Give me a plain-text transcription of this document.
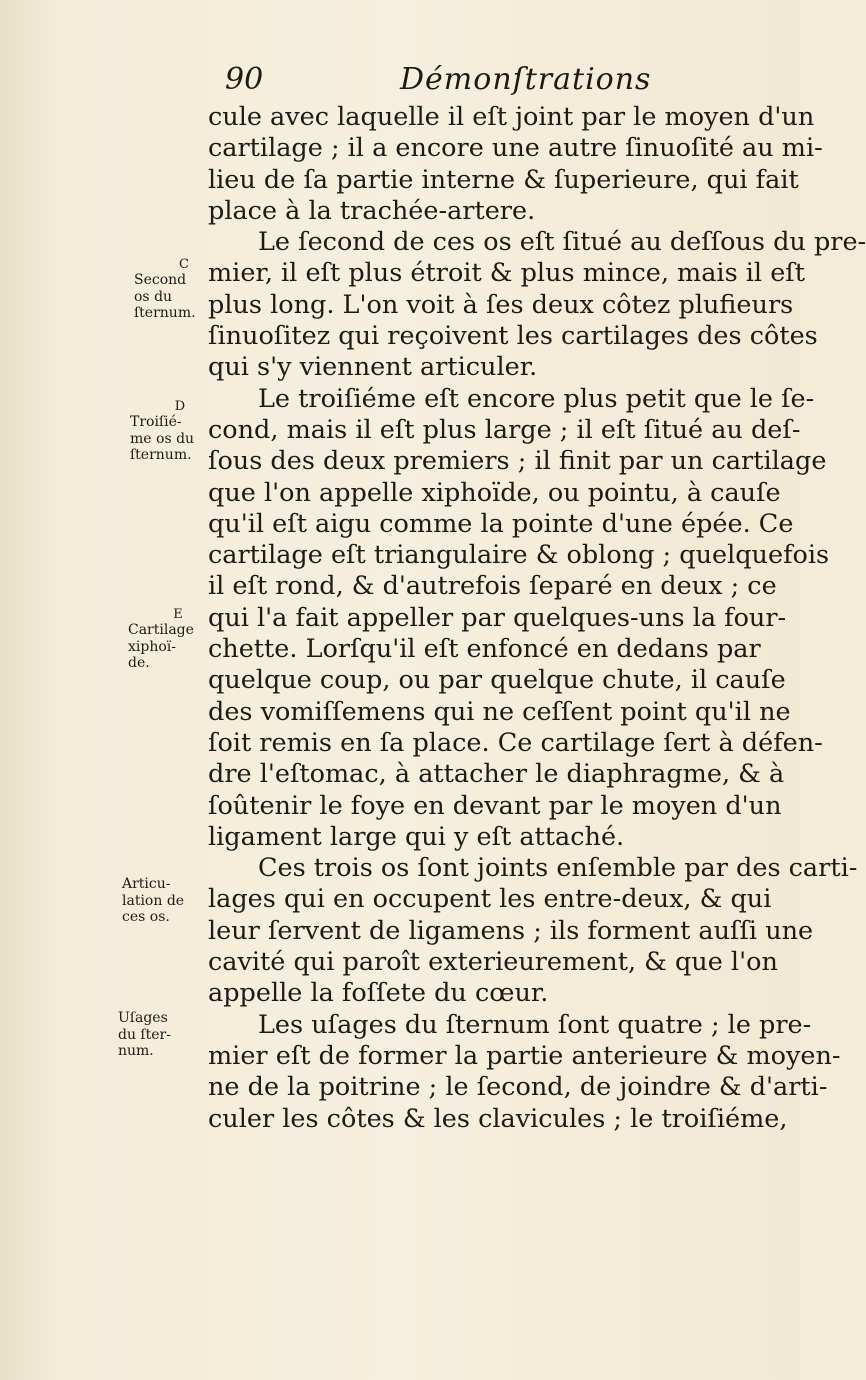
90	Démonſtrations
C
Second
os du
ſternum.
D
Troiſié-
me os du
ſternum.
E
Cartilage
xiphoï-
de.
Articu-
lation de
ces os.
Uſages
du ſter-
num.
cule avec laquelle il eſt joint par le moyen d'un
cartilage ; il a encore une autre ſinuoſité au mi-
lieu de ſa partie interne & ſuperieure, qui fait
place à la trachée-artere.
Le ſecond de ces os eſt ſitué au deſſous du pre-
mier, il eſt plus étroit & plus mince, mais il eſt
plus long. L'on voit à ſes deux côtez plufieurs
ſinuoſitez qui reçoivent les cartilages des côtes
qui s'y viennent articuler.
Le troiſiéme eſt encore plus petit que le ſe-
cond, mais il eſt plus large ; il eſt ſitué au deſ-
ſous des deux premiers ; il finit par un cartilage
que l'on appelle xiphoïde, ou pointu, à cauſe
qu'il eſt aigu comme la pointe d'une épée. Ce
cartilage eſt triangulaire & oblong ; quelquefois
il eſt rond, & d'autrefois ſeparé en deux ; ce
qui l'a fait appeller par quelques-uns la four-
chette. Lorſqu'il eſt enfoncé en dedans par
quelque coup, ou par quelque chute, il cauſe
des vomiſſemens qui ne ceſſent point qu'il ne
ſoit remis en ſa place. Ce cartilage ſert à défen-
dre l'eſtomac, à attacher le diaphragme, & à
ſoûtenir le foye en devant par le moyen d'un
ligament large qui y eſt attaché.
Ces trois os ſont joints enſemble par des carti-
lages qui en occupent les entre-deux, & qui
leur ſervent de ligamens ; ils forment auſſi une
cavité qui paroît exterieurement, & que l'on
appelle la foſſete du cœur.
Les uſages du ſternum ſont quatre ; le pre-
mier eſt de former la partie anterieure & moyen-
ne de la poitrine ; le ſecond, de joindre & d'arti-
culer les côtes & les clavicules ; le troiſiéme,
